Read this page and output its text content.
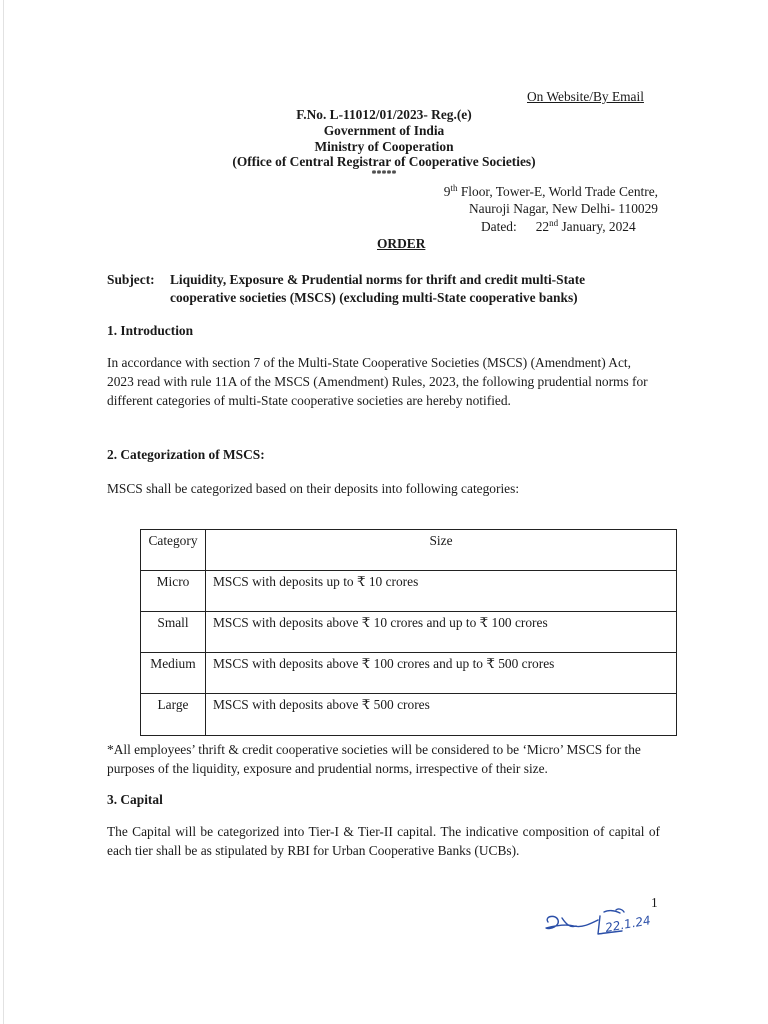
On Website/By Email
F.No. L-11012/01/2023- Reg.(e)
Government of India
Ministry of Cooperation
(Office of Central Registrar of Cooperative Societies)
*****
9th Floor, Tower-E, World Trade Centre,
Nauroji Nagar, New Delhi- 110029
Dated: 22nd January, 2024
ORDER
Subject: Liquidity, Exposure & Prudential norms for thrift and credit multi-State
cooperative societies (MSCS) (excluding multi-State cooperative banks)
1. Introduction

In accordance with section 7 of the Multi-State Cooperative Societies (MSCS) (Amendment) Act, 2023 read with rule 11A of the MSCS (Amendment) Rules, 2023, the following prudential norms for different categories of multi-State cooperative societies are hereby notified.

2. Categorization of MSCS:
MSCS shall be categorized based on their deposits into following categories:
Category	Size
Micro	MSCS with deposits up to ₹ 10 crores
Small	MSCS with deposits above ₹ 10 crores and up to ₹ 100 crores
Medium	MSCS with deposits above ₹ 100 crores and up to ₹ 500 crores
Large	MSCS with deposits above ₹ 500 crores

*All employees’ thrift & credit cooperative societies will be considered to be ‘Micro’ MSCS for the purposes of the liquidity, exposure and prudential norms, irrespective of their size.

3. Capital

The Capital will be categorized into Tier-I & Tier-II capital. The indicative composition of capital of each tier shall be as stipulated by RBI for Urban Cooperative Banks (UCBs).

1
22.1.24
